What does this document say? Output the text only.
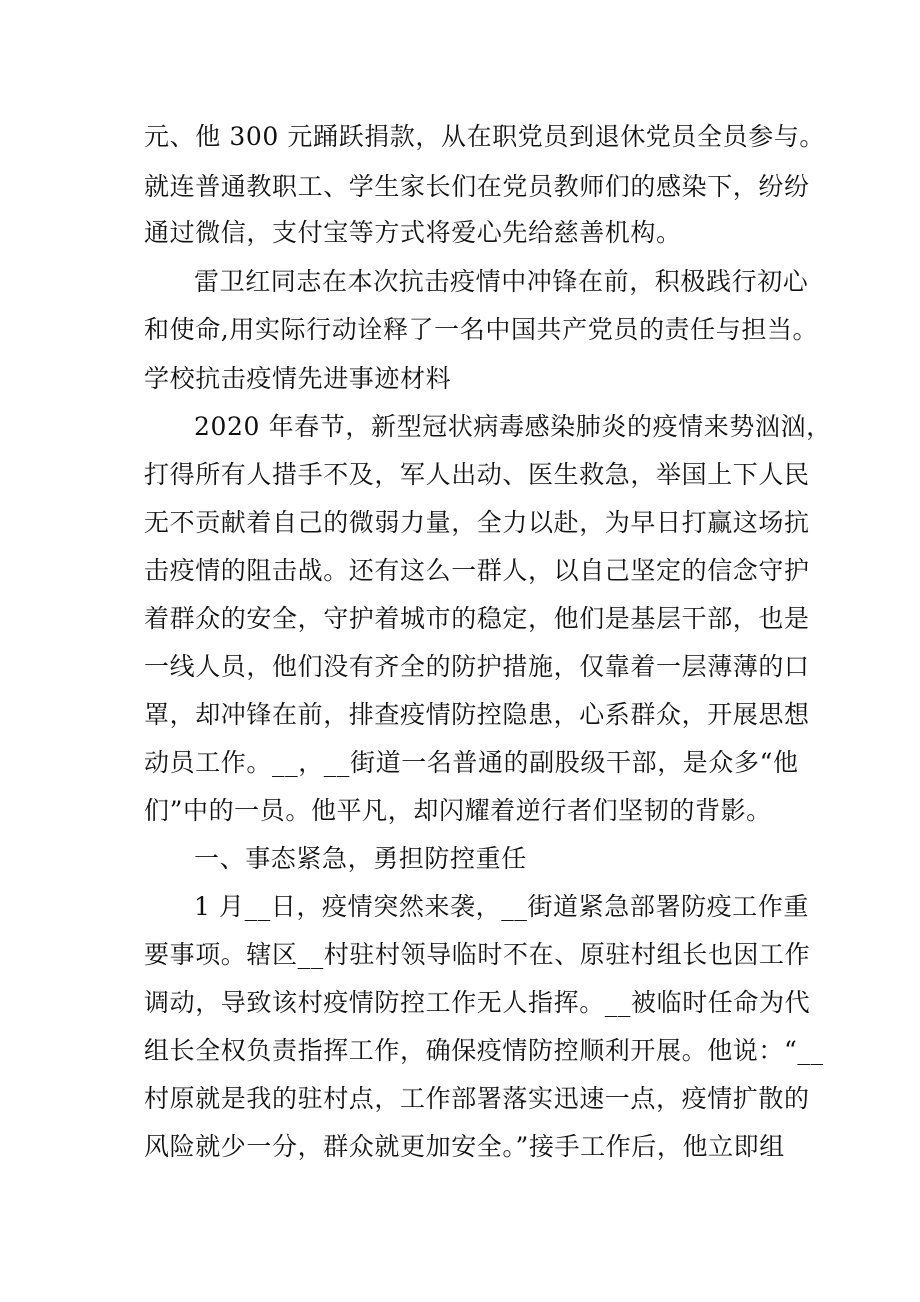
元、他 300 元踊跃捐款，从在职党员到退休党员全员参与。
就连普通教职工、学生家长们在党员教师们的感染下，纷纷
通过微信，支付宝等方式将爱心先给慈善机构。
雷卫红同志在本次抗击疫情中冲锋在前，积极践行初心
和使命,用实际行动诠释了一名中国共产党员的责任与担当。
学校抗击疫情先进事迹材料
2020 年春节，新型冠状病毒感染肺炎的疫情来势汹汹，
打得所有人措手不及，军人出动、医生救急，举国上下人民
无不贡献着自己的微弱力量，全力以赴，为早日打赢这场抗
击疫情的阻击战。还有这么一群人，以自己坚定的信念守护
着群众的安全，守护着城市的稳定，他们是基层干部，也是
一线人员，他们没有齐全的防护措施，仅靠着一层薄薄的口
罩，却冲锋在前，排查疫情防控隐患，心系群众，开展思想
动员工作。__，__街道一名普通的副股级干部，是众多“他
们”中的一员。他平凡，却闪耀着逆行者们坚韧的背影。
一、事态紧急，勇担防控重任
1 月__日，疫情突然来袭，__街道紧急部署防疫工作重
要事项。辖区__村驻村领导临时不在、原驻村组长也因工作
调动，导致该村疫情防控工作无人指挥。__被临时任命为代
组长全权负责指挥工作，确保疫情防控顺利开展。他说：“__
村原就是我的驻村点，工作部署落实迅速一点，疫情扩散的
风险就少一分，群众就更加安全。”接手工作后，他立即组
